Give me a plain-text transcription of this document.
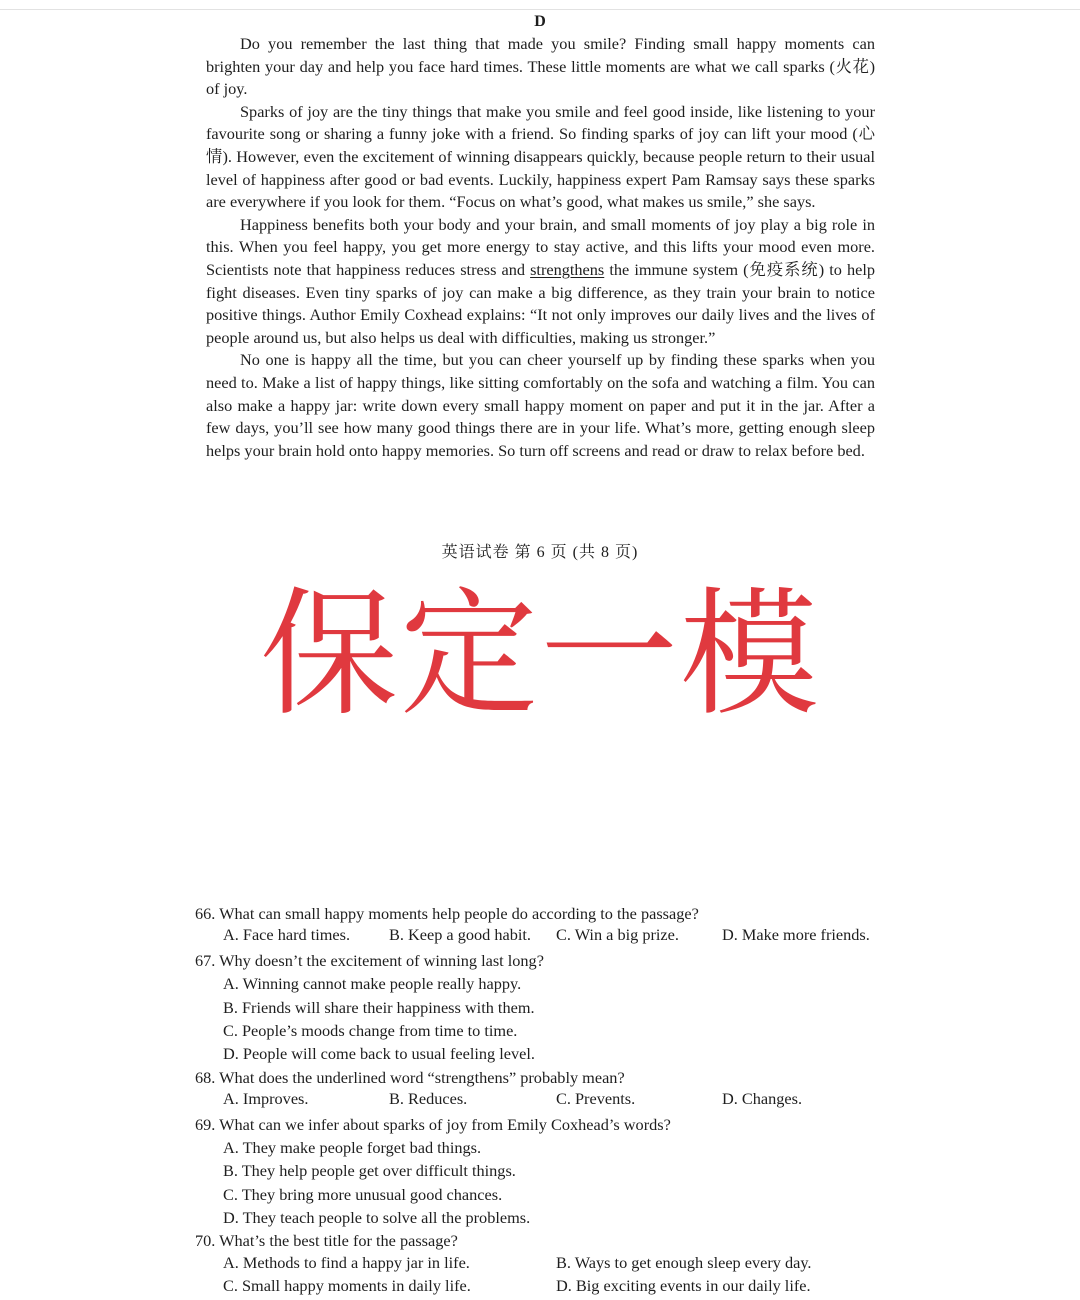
D

Do you remember the last thing that made you smile? Finding small happy moments can brighten your day and help you face hard times. These little moments are what we call sparks (火花) of joy.

Sparks of joy are the tiny things that make you smile and feel good inside, like listening to your favourite song or sharing a funny joke with a friend. So finding sparks of joy can lift your mood (心情). However, even the excitement of winning disappears quickly, because people return to their usual level of happiness after good or bad events. Luckily, happiness expert Pam Ramsay says these sparks are everywhere if you look for them. “Focus on what’s good, what makes us smile,” she says.

Happiness benefits both your body and your brain, and small moments of joy play a big role in this. When you feel happy, you get more energy to stay active, and this lifts your mood even more. Scientists note that happiness reduces stress and strengthens the immune system (免疫系统) to help fight diseases. Even tiny sparks of joy can make a big difference, as they train your brain to notice positive things. Author Emily Coxhead explains: “It not only improves our daily lives and the lives of people around us, but also helps us deal with difficulties, making us stronger.”

No one is happy all the time, but you can cheer yourself up by finding these sparks when you need to. Make a list of happy things, like sitting comfortably on the sofa and watching a film. You can also make a happy jar: write down every small happy moment on paper and put it in the jar. After a few days, you’ll see how many good things there are in your life. What’s more, getting enough sleep helps your brain hold onto happy memories. So turn off screens and read or draw to relax before bed.

英语试卷 第 6 页 (共 8 页)
保定一模
66. What can small happy moments help people do according to the passage?
A. Face hard times. B. Keep a good habit. C. Win a big prize.	D. Make more friends.
67. Why doesn’t the excitement of winning last long?
A. Winning cannot make people really happy.
B. Friends will share their happiness with them.
C. People’s moods change from time to time.
D. People will come back to usual feeling level.
68. What does the underlined word “strengthens” probably mean?
A. Improves.	B. Reduces.	C. Prevents.	D. Changes.
69. What can we infer about sparks of joy from Emily Coxhead’s words?
A. They make people forget bad things.
B. They help people get over difficult things.
C. They bring more unusual good chances.
D. They teach people to solve all the problems.
70. What’s the best title for the passage?
A. Methods to find a happy jar in life.	B. Ways to get enough sleep every day.
C. Small happy moments in daily life.	D. Big exciting events in our daily life.
